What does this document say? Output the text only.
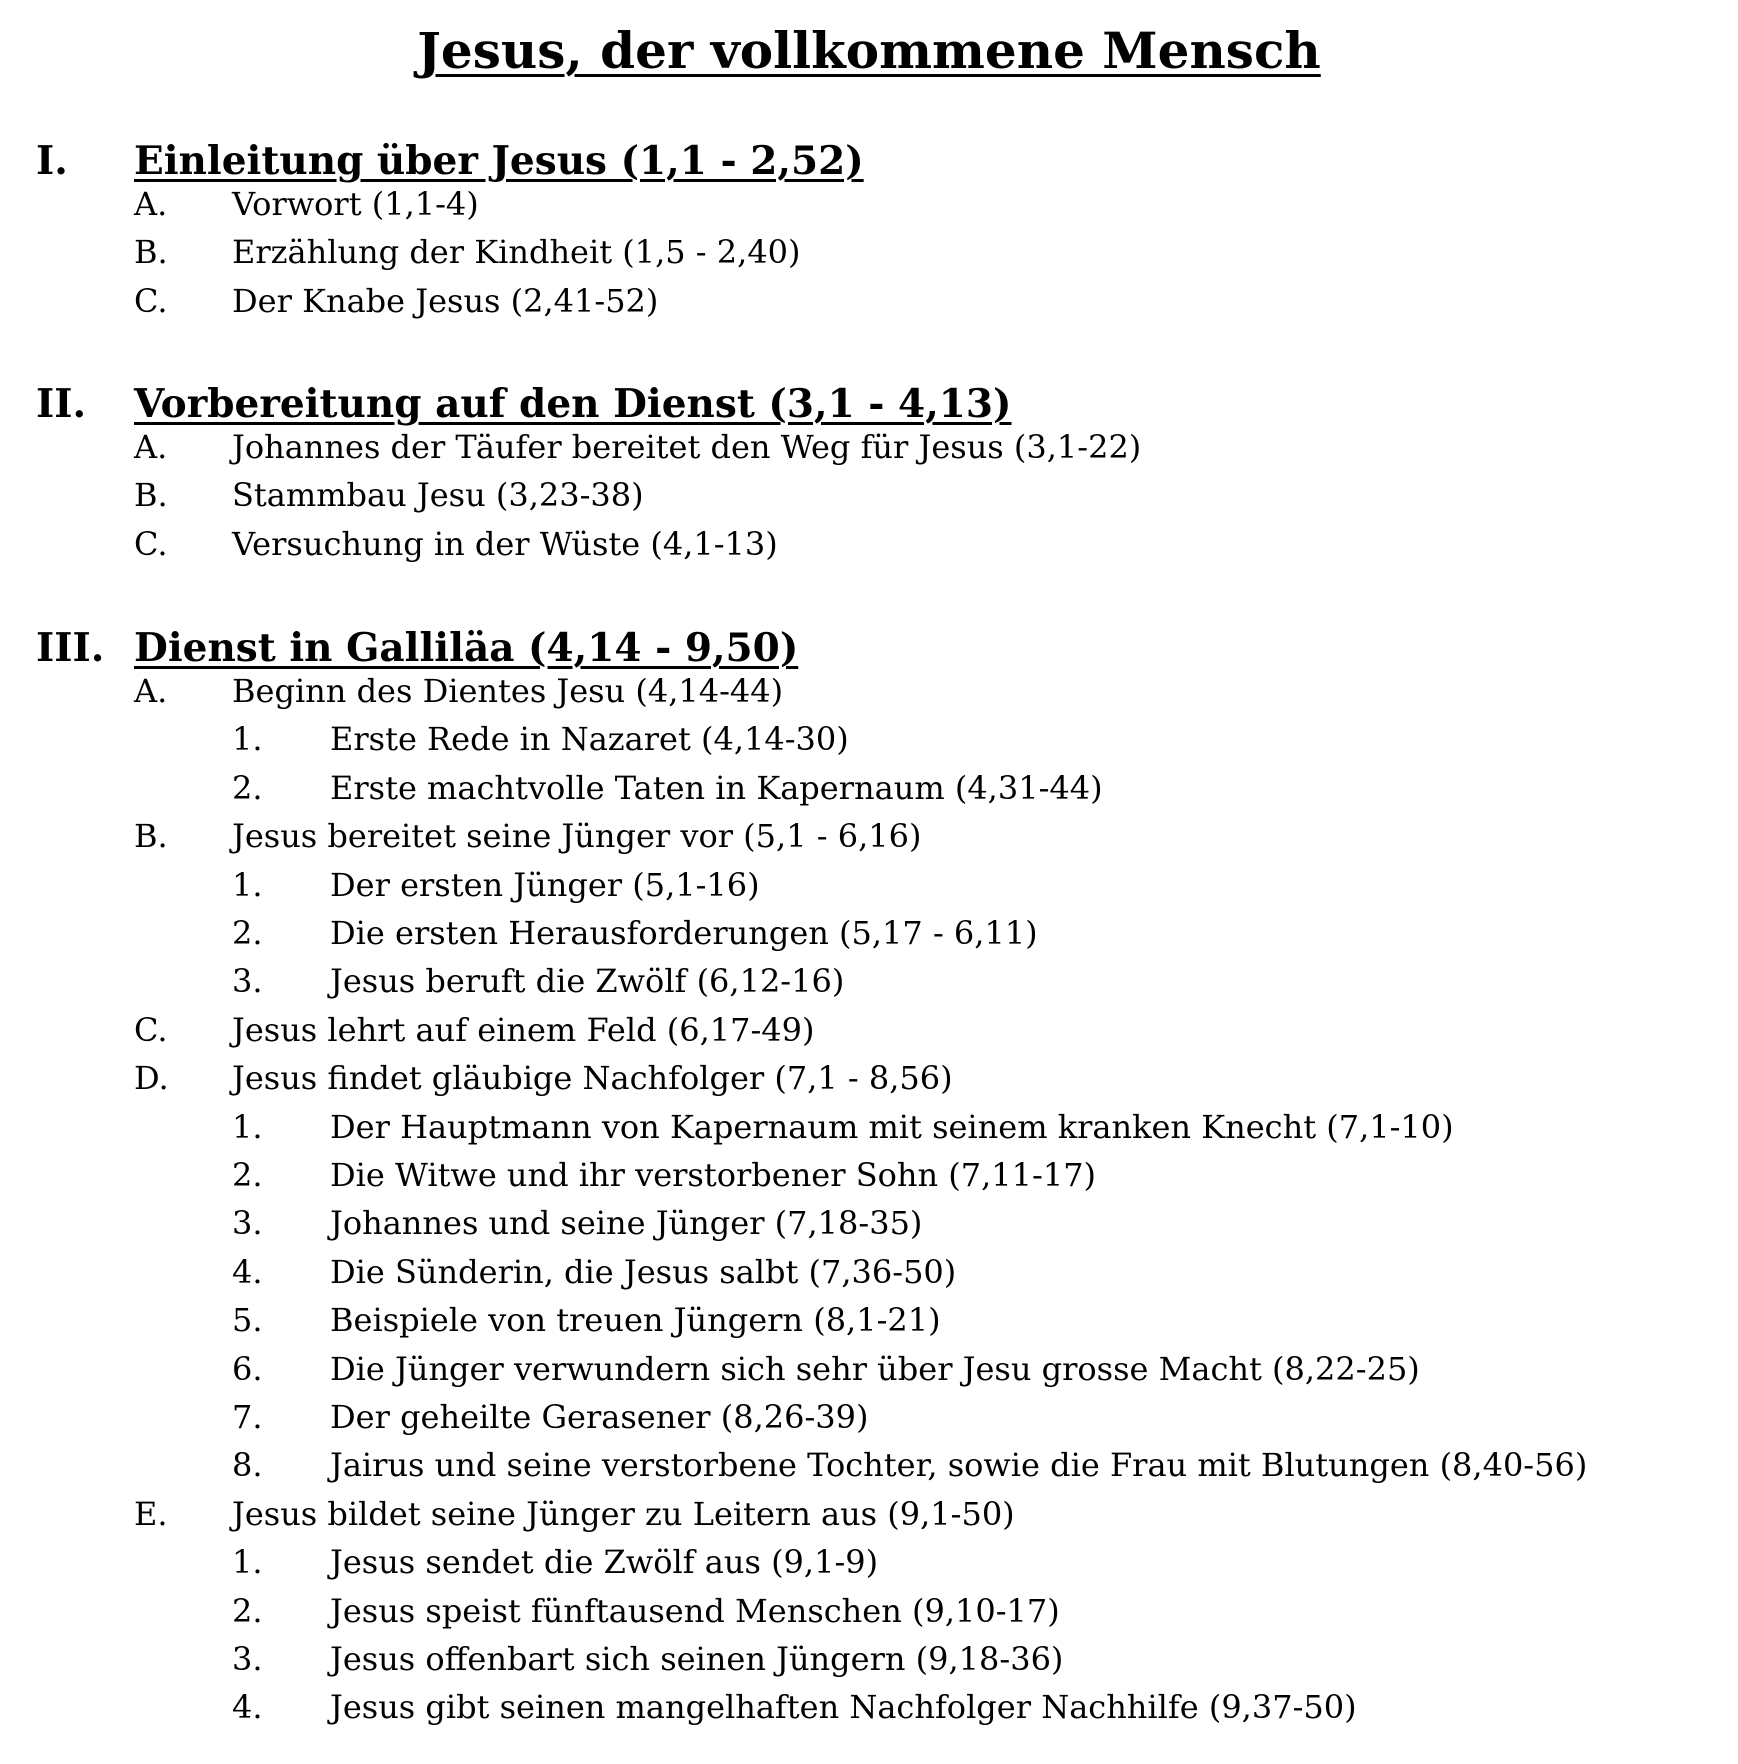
Jesus, der vollkommene Mensch
I. Einleitung über Jesus (1,1 - 2,52)
A. Vorwort (1,1-4)
B. Erzählung der Kindheit (1,5 - 2,40)
C. Der Knabe Jesus (2,41-52)
II. Vorbereitung auf den Dienst (3,1 - 4,13)
A. Johannes der Täufer bereitet den Weg für Jesus (3,1-22)
B. Stammbau Jesu (3,23-38)
C. Versuchung in der Wüste (4,1-13)
III. Dienst in Galliläa (4,14 - 9,50)
A. Beginn des Dientes Jesu (4,14-44)
1. Erste Rede in Nazaret (4,14-30)
2. Erste machtvolle Taten in Kapernaum (4,31-44)
B. Jesus bereitet seine Jünger vor (5,1 - 6,16)
1. Der ersten Jünger (5,1-16)
2. Die ersten Herausforderungen (5,17 - 6,11)
3. Jesus beruft die Zwölf (6,12-16)
C. Jesus lehrt auf einem Feld (6,17-49)
D. Jesus findet gläubige Nachfolger (7,1 - 8,56)
1. Der Hauptmann von Kapernaum mit seinem kranken Knecht (7,1-10)
2. Die Witwe und ihr verstorbener Sohn (7,11-17)
3. Johannes und seine Jünger (7,18-35)
4. Die Sünderin, die Jesus salbt (7,36-50)
5. Beispiele von treuen Jüngern (8,1-21)
6. Die Jünger verwundern sich sehr über Jesu grosse Macht (8,22-25)
7. Der geheilte Gerasener (8,26-39)
8. Jairus und seine verstorbene Tochter, sowie die Frau mit Blutungen (8,40-56)
E. Jesus bildet seine Jünger zu Leitern aus (9,1-50)
1. Jesus sendet die Zwölf aus (9,1-9)
2. Jesus speist fünftausend Menschen (9,10-17)
3. Jesus offenbart sich seinen Jüngern (9,18-36)
4. Jesus gibt seinen mangelhaften Nachfolger Nachhilfe (9,37-50)
